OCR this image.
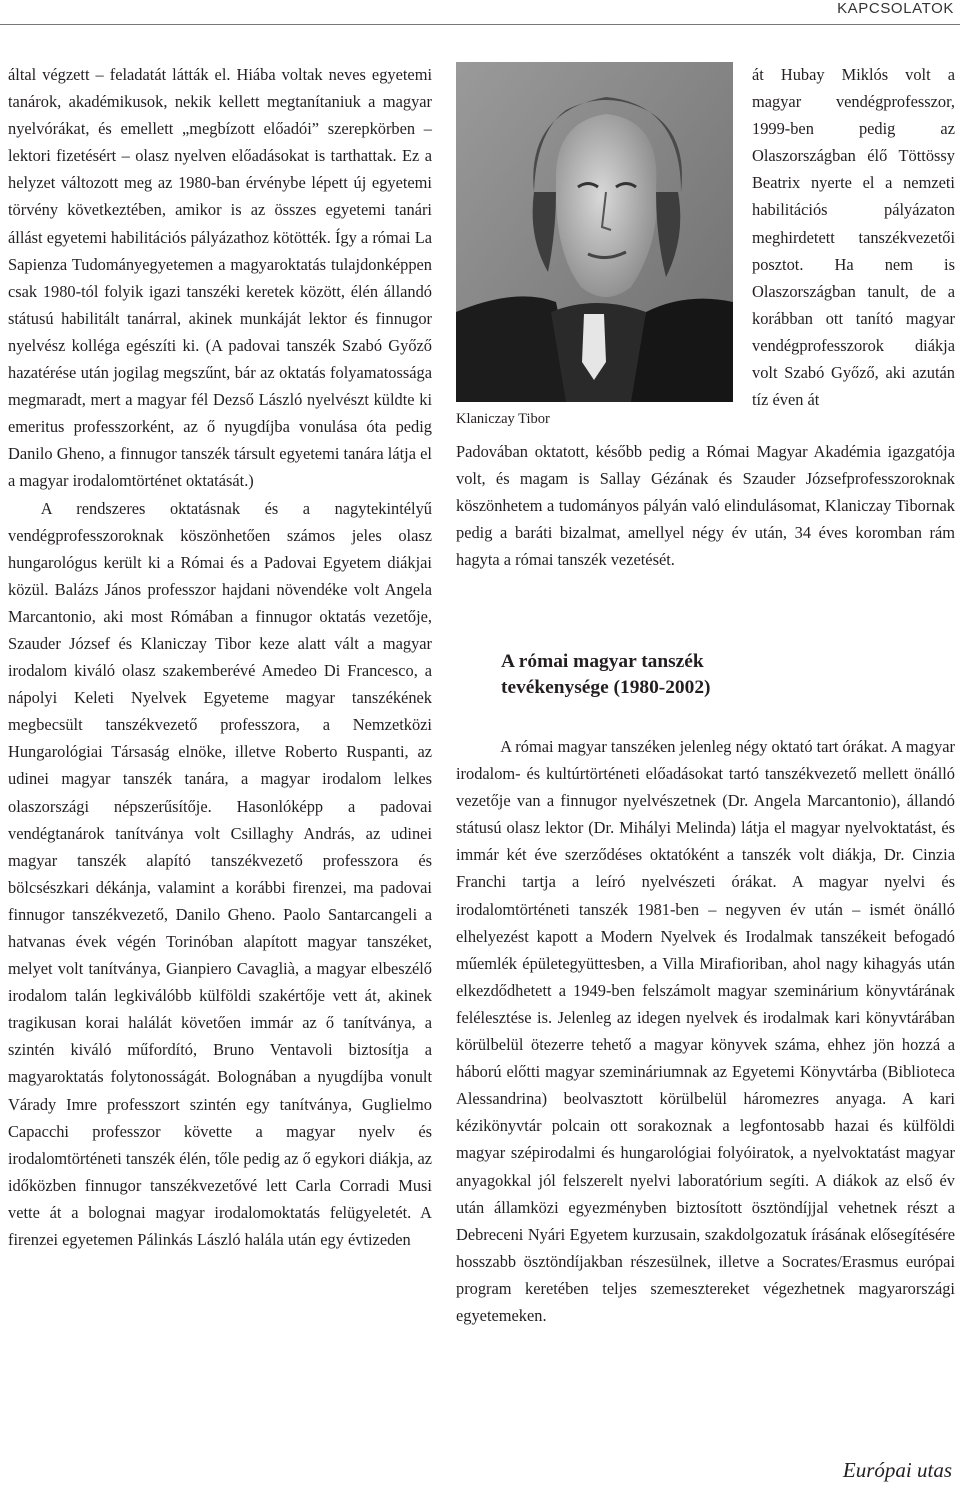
KAPCSOLATOK

által végzett – feladatát látták el. Hiába voltak neves egyetemi tanárok, akadémikusok, nekik kellett megtanítaniuk a magyar nyelvórákat, és emellett „megbízott előadói” szerepkörben – lektori fizetésért – olasz nyelven előadásokat is tarthattak. Ez a helyzet változott meg az 1980-ban érvénybe lépett új egyetemi törvény következtében, amikor is az összes egyetemi tanári állást egyetemi habilitációs pályázathoz kötötték. Így a római La Sapienza Tudományegyetemen a magyaroktatás tulajdonképpen csak 1980-tól folyik igazi tanszéki keretek között, élén állandó státusú habilitált tanárral, akinek munkáját lektor és finnugor nyelvész kolléga egészíti ki. (A padovai tanszék Szabó Győző hazatérése után jogilag megszűnt, bár az oktatás folyamatossága megmaradt, mert a magyar fél Dezső László nyelvészt küldte ki emeritus professzorként, az ő nyugdíjba vonulása óta pedig Danilo Gheno, a finnugor tanszék társult egyetemi tanára látja el a magyar irodalomtörténet oktatását.)

A rendszeres oktatásnak és a nagytekintélyű vendégprofesszoroknak köszönhetően számos jeles olasz hungarológus került ki a Római és a Padovai Egyetem diákjai közül. Balázs János professzor hajdani növendéke volt Angela Marcantonio, aki most Rómában a finnugor oktatás vezetője, Szauder József és Klaniczay Tibor keze alatt vált a magyar irodalom kiváló olasz szakemberévé Amedeo Di Francesco, a nápolyi Keleti Nyelvek Egyeteme magyar tanszékének megbecsült tanszékvezető professzora, a Nemzetközi Hungarológiai Társaság elnöke, illetve Roberto Ruspanti, az udinei magyar tanszék tanára, a magyar irodalom lelkes olaszországi népszerűsítője. Hasonlóképp a padovai vendégtanárok tanítványa volt Csillaghy András, az udinei magyar tanszék alapító tanszékvezető professzora és bölcsészkari dékánja, valamint a korábbi firenzei, ma padovai finnugor tanszékvezető, Danilo Gheno. Paolo Santarcangeli a hatvanas évek végén Torinóban alapított magyar tanszéket, melyet volt tanítványa, Gianpiero Cavaglià, a magyar elbeszélő irodalom talán legkiválóbb külföldi szakértője vett át, akinek tragikusan korai halálát követően immár az ő tanítványa, a szintén kiváló műfordító, Bruno Ventavoli biztosítja a magyaroktatás folytonosságát. Bolognában a nyugdíjba vonult Várady Imre professzort szintén egy tanítványa, Guglielmo Capacchi professzor követte a magyar nyelv és irodalomtörténeti tanszék élén, tőle pedig az ő egykori diákja, az időközben finnugor tanszékvezetővé lett Carla Corradi Musi vette át a bolognai magyar irodalomoktatás felügyeletét. A firenzei egyetemen Pálinkás László halála után egy évtizeden

Klaniczay Tibor

át Hubay Miklós volt a magyar vendégprofesszor, 1999-ben pedig az Olaszországban élő Töttössy Beatrix nyerte el a nemzeti habilitációs pályázaton meghirdetett tanszékvezetői posztot. Ha nem is Olaszországban tanult, de a korábban ott tanító magyar vendégprofesszorok diákja volt Szabó Győző, aki azután tíz éven át

Padovában oktatott, később pedig a Római Magyar Akadémia igazgatója volt, és magam is Sallay Gézának és Szauder Józsefprofesszoroknak köszönhetem a tudományos pályán való elindulásomat, Klaniczay Tibornak pedig a baráti bizalmat, amellyel négy év után, 34 éves koromban rám hagyta a római tanszék vezetését.

A római magyar tanszék
tevékenysége (1980-2002)

A római magyar tanszéken jelenleg négy oktató tart órákat. A magyar irodalom- és kultúrtörténeti előadásokat tartó tanszékvezető mellett önálló vezetője van a finnugor nyelvészetnek (Dr. Angela Marcantonio), állandó státusú olasz lektor (Dr. Mihályi Melinda) látja el magyar nyelvoktatást, és immár két éve szerződéses oktatóként a tanszék volt diákja, Dr. Cinzia Franchi tartja a leíró nyelvészeti órákat. A magyar nyelvi és irodalomtörténeti tanszék 1981-ben – negyven év után – ismét önálló elhelyezést kapott a Modern Nyelvek és Irodalmak tanszékeit befogadó műemlék épületegyüttesben, a Villa Mirafioriban, ahol nagy kihagyás után elkezdődhetett a 1949-ben felszámolt magyar szeminárium könyvtárának felélesztése is. Jelenleg az idegen nyelvek és irodalmak kari könyvtárában körülbelül ötezerre tehető a magyar könyvek száma, ehhez jön hozzá a háború előtti magyar szemináriumnak az Egyetemi Könyvtárba (Biblioteca Alessandrina) beolvasztott körülbelül háromezres anyaga. A kari kézikönyvtár polcain ott sorakoznak a legfontosabb hazai és külföldi magyar szépirodalmi és hungarológiai folyóiratok, a nyelvoktatást magyar anyagokkal jól felszerelt nyelvi laboratórium segíti. A diákok az első év után államközi egyezményben biztosított ösztöndíjjal vehetnek részt a Debreceni Nyári Egyetem kurzusain, szakdolgozatuk írásának elősegítésére hosszabb ösztöndíjakban részesülnek, illetve a Socrates/Erasmus európai program keretében teljes szemesztereket végezhetnek magyarországi egyetemeken.

Európai utas
